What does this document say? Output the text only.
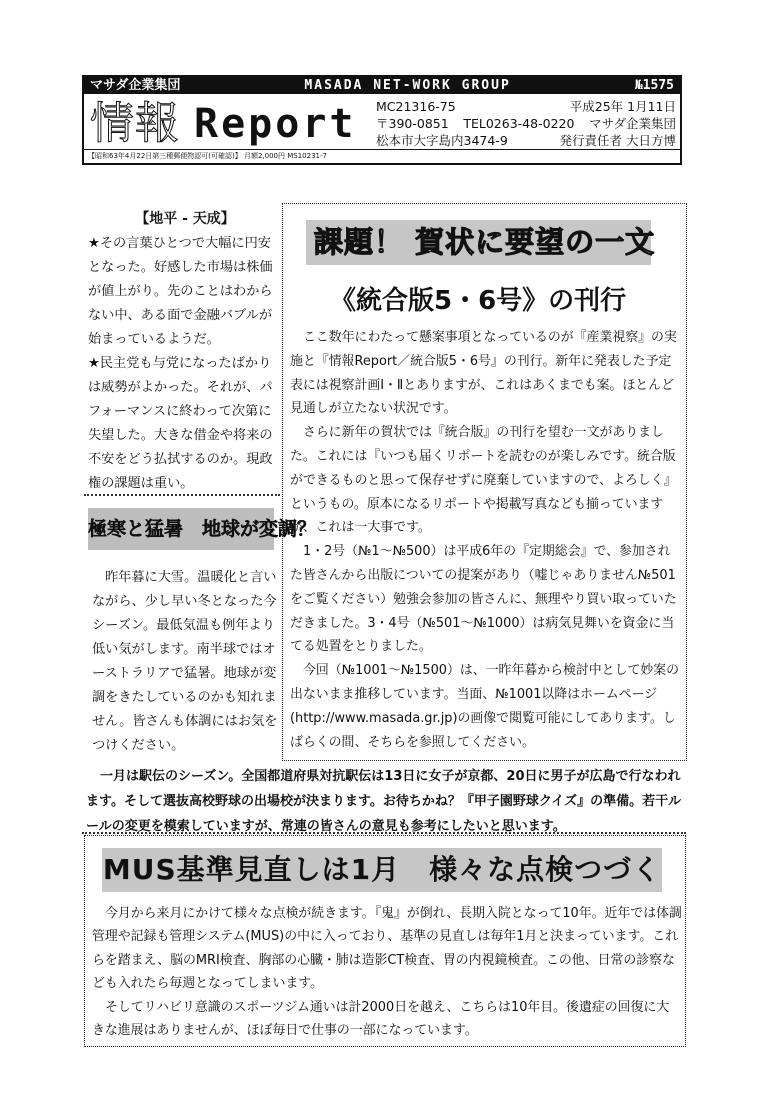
マサダ企業集団	MASADA NET-WORK GROUP	№1575
情報 Report MC21316-75	平成25年 1月11日
〒390-0851 TEL0263-48-0220 マサダ企業集団
松本市大字島内3474-9	発行責任者 大日方博
【昭和63年4月22日第三種郵便物認可(可確認)】 月額2,000円 MS10231-7
【地平 - 天成】

★その言葉ひとつで大幅に円安となった。好感した市場は株価が値上がり。先のことはわからない中、ある面で金融バブルが始まっているようだ。

★民主党も与党になったばかりは威勢がよかった。それが、パフォーマンスに終わって次第に失望した。大きな借金や将来の不安をどう払拭するのか。現政権の課題は重い。

極寒と猛暑　地球が変調？
昨年暮に大雪。温暖化と言いながら、少し早い冬となった今シーズン。最低気温も例年より低い気がします。南半球ではオーストラリアで猛暑。地球が変調をきたしているのかも知れません。皆さんも体調にはお気をつけください。
課題！ 賀状に要望の一文
《統合版5・6号》の刊行

ここ数年にわたって懸案事項となっているのが『産業視察』の実施と『情報Report／統合版5・6号』の刊行。新年に発表した予定表には視察計画Ⅰ・Ⅱとありますが、これはあくまでも案。ほとんど見通しが立たない状況です。

さらに新年の賀状では『統合版』の刊行を望む一文がありました。これには『いつも届くリポートを読むのが楽しみです。統合版ができるものと思って保存せずに廃棄していますので、よろしく』というもの。原本になるリポートや掲載写真なども揃っていますが、これは一大事です。

1・2号（№1～№500）は平成6年の『定期総会』で、参加された皆さんから出版についての提案があり（嘘じゃありません№501をご覧ください）勉強会参加の皆さんに、無理やり買い取っていただきました。3・4号（№501～№1000）は病気見舞いを資金に当てる処置をとりました。

今回（№1001～№1500）は、一昨年暮から検討中として妙案の出ないまま推移しています。当面、№1001以降はホームページ(http://www.masada.gr.jp)の画像で閲覧可能にしてあります。しばらくの間、そちらを参照してください。

一月は駅伝のシーズン。全国都道府県対抗駅伝は13日に女子が京都、20日に男子が広島で行なわれます。そして選抜高校野球の出場校が決まります。お待ちかね？『甲子園野球クイズ』の準備。若干ルールの変更を模索していますが、常連の皆さんの意見も参考にしたいと思います。
MUS基準見直しは1月　様々な点検つづく

今月から来月にかけて様々な点検が続きます。『鬼』が倒れ、長期入院となって10年。近年では体調管理や記録も管理システム(MUS)の中に入っており、基準の見直しは毎年1月と決まっています。これらを踏まえ、脳のMRI検査、胸部の心臓・肺は造影CT検査、胃の内視鏡検査。この他、日常の診察なども入れたら毎週となってしまいます。

そしてリハビリ意識のスポーツジム通いは計2000日を越え、こちらは10年目。後遺症の回復に大きな進展はありませんが、ほぼ毎日で仕事の一部になっています。
